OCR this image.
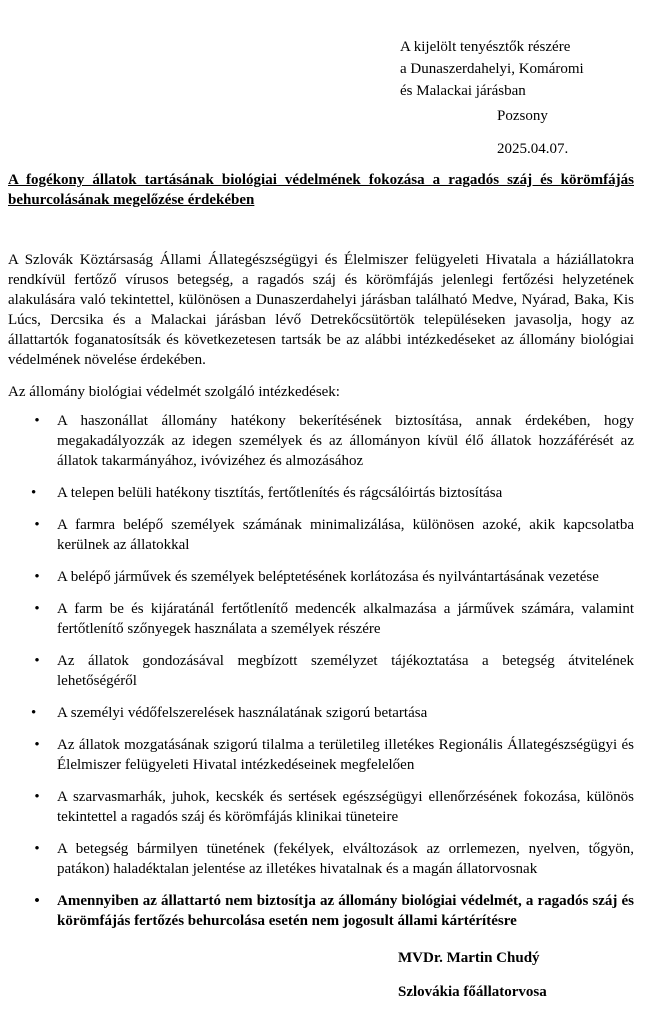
A kijelölt tenyésztők részére
a Dunaszerdahelyi, Komáromi
és Malackai járásban
Pozsony
2025.04.07.
A fogékony állatok tartásának biológiai védelmének fokozása a ragadós száj és körömfájás behurcolásának megelőzése érdekében
A Szlovák Köztársaság Állami Állategészségügyi és Élelmiszer felügyeleti Hivatala a háziállatokra rendkívül fertőző vírusos betegség, a ragadós száj és körömfájás jelenlegi fertőzési helyzetének alakulására való tekintettel, különösen a Dunaszerdahelyi járásban található Medve, Nyárad, Baka, Kis Lúcs, Dercsika és a Malackai járásban lévő Detrekőcsütörtök településeken javasolja, hogy az állattartók foganatosítsák és következetesen tartsák be az alábbi intézkedéseket az állomány biológiai védelmének növelése érdekében.
Az állomány biológiai védelmét szolgáló intézkedések:
• A haszonállat állomány hatékony bekerítésének biztosítása, annak érdekében, hogy megakadályozzák az idegen személyek és az állományon kívül élő állatok hozzáférését az állatok takarmányához, ivóvizéhez és almozásához
•	A telepen belüli hatékony tisztítás, fertőtlenítés és rágcsálóirtás biztosítása
• A farmra belépő személyek számának minimalizálása, különösen azoké, akik kapcsolatba kerülnek az állatokkal
• A belépő járművek és személyek beléptetésének korlátozása és nyilvántartásának vezetése
• A farm be és kijáratánál fertőtlenítő medencék alkalmazása a járművek számára, valamint fertőtlenítő szőnyegek használata a személyek részére
• Az állatok gondozásával megbízott személyzet tájékoztatása a betegség átvitelének lehetőségéről
•	A személyi védőfelszerelések használatának szigorú betartása
• Az állatok mozgatásának szigorú tilalma a területileg illetékes Regionális Állategészségügyi és Élelmiszer felügyeleti Hivatal intézkedéseinek megfelelően
• A szarvasmarhák, juhok, kecskék és sertések egészségügyi ellenőrzésének fokozása, különös tekintettel a ragadós száj és körömfájás klinikai tüneteire
• A betegség bármilyen tünetének (fekélyek, elváltozások az orrlemezen, nyelven, tőgyön, patákon) haladéktalan jelentése az illetékes hivatalnak és a magán állatorvosnak
• Amennyiben az állattartó nem biztosítja az állomány biológiai védelmét, a ragadós száj és körömfájás fertőzés behurcolása esetén nem jogosult állami kártérítésre
MVDr. Martin Chudý
Szlovákia főállatorvosa
